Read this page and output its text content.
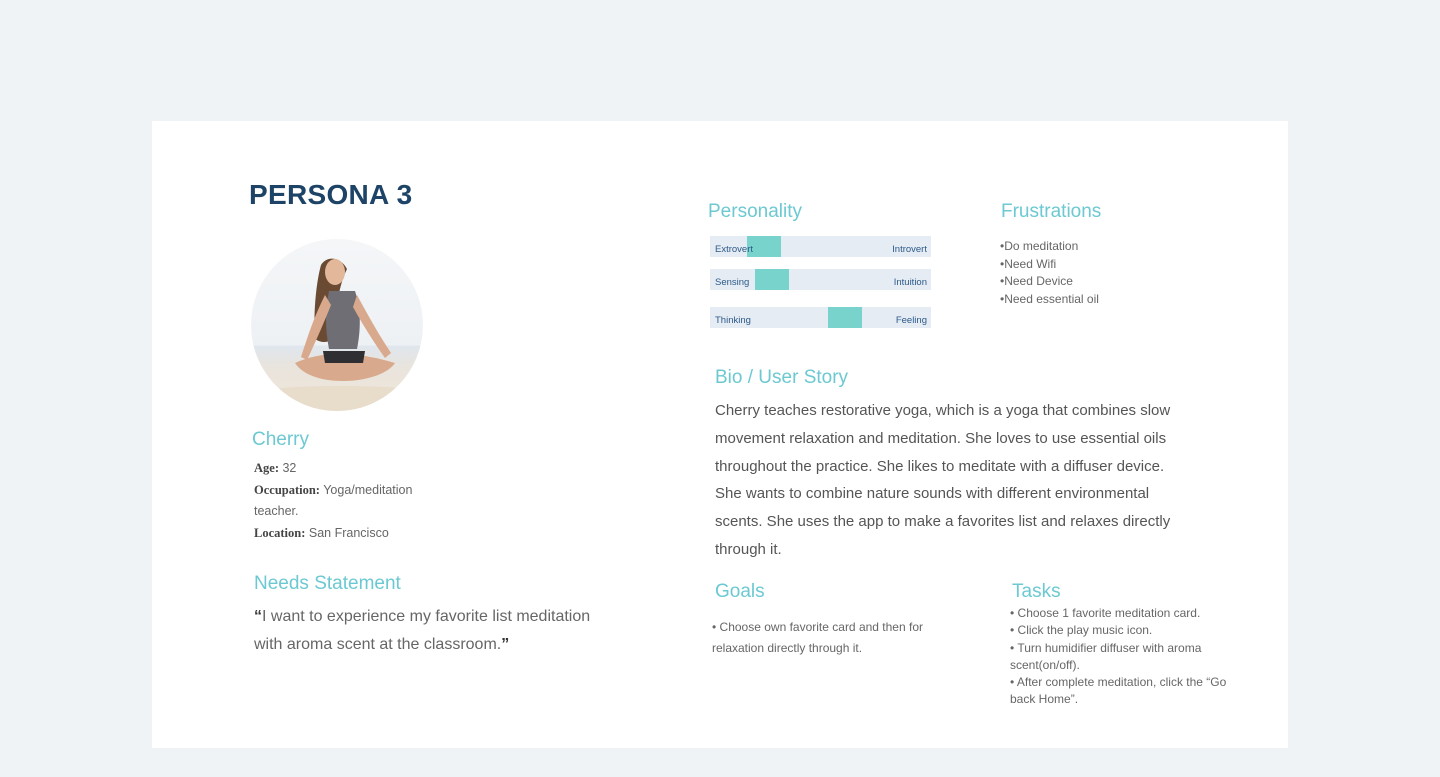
PERSONA 3
Cherry
Age: 32
Occupation: Yoga/meditation teacher.
Location: San Francisco
Needs Statement
“I want to experience my favorite list meditation with aroma scent at the classroom.”
Personality
Extrovert	Introvert
Sensing	Intuition
Thinking	Feeling
Frustrations
•Do meditation
•Need Wifi
•Need Device
•Need essential oil
Bio / User Story
Cherry teaches restorative yoga, which is a yoga that combines slow movement relaxation and meditation. She loves to use essential oils throughout the practice. She likes to meditate with a diffuser device. She wants to combine nature sounds with different environmental scents. She uses the app to make a favorites list and relaxes directly through it.
Goals
• Choose own favorite card and then for relaxation directly through it.
Tasks
• Choose 1 favorite meditation card.
• Click the play music icon.
• Turn humidifier diffuser with aroma scent(on/off).
• After complete meditation, click the “Go back Home”.
